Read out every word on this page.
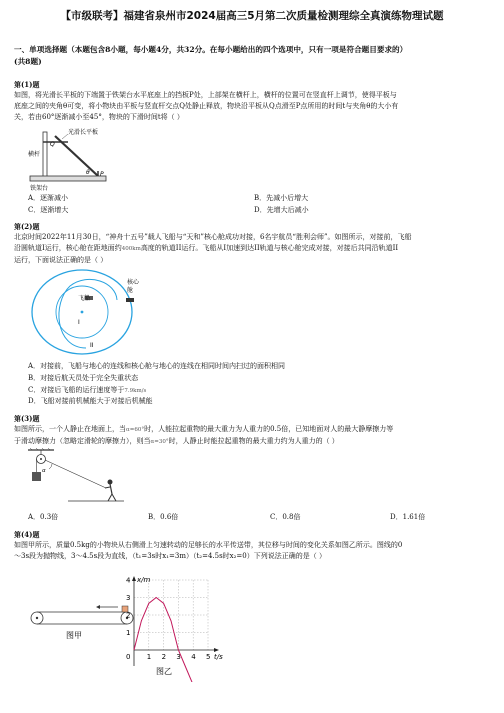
【市级联考】福建省泉州市2024届高三5月第二次质量检测理综全真演练物理试题
一、单项选择题（本题包含8小题，每小题4分，共32分。在每小题给出的四个选项中，只有一项是符合题目要求的）
(共8题)
第(1)题
如图，将光滑长平板的下端置于铁架台水平底座上的挡板P处，上部架在横杆上，横杆的位置可在竖直杆上调节，使得平板与
底座之间的夹角θ可变，将小物块由平板与竖直杆交点Q处静止释放，物块沿平板从Q点滑至P点所用的时间t与夹角θ的大小有
关，若由60°逐渐减小至45°，物块的下滑时间t将（ ）
光滑长平板
横杆
铁架台
Q
P
θ
A．逐渐减小	B．先减小后增大
C．逐渐增大	D．先增大后减小
第(2)题
北京时间2022年11月30日，“神舟十五号”载人飞船与“天和”核心舱成功对接，6名宇航员“胜利会师”。如图所示，对接前，飞船
沿圆轨道I运行，核心舱在距地面约400km高度的轨道II运行。飞船从I加速到达II轨道与核心舱完成对接，对接后共同沿轨道II
运行，下面说法正确的是（ ）
飞船
核心
舱
I
II
A．对接前，飞船与地心的连线和核心舱与地心的连线在相同时间内扫过的面积相同
B．对接后航天员处于完全失重状态
C．对接后飞船的运行速度等于7.9km/s
D．飞船对接前机械能大于对接后机械能
第(3)题
如图所示，一个人静止在地面上，当α=60°时，人能拉起重物的最大重力为人重力的0.5倍，已知地面对人的最大静摩擦力等
于滑动摩擦力（忽略定滑轮的摩擦力），则当α=30°时，人静止时能拉起重物的最大重力约为人重力的（ ）
α
A．0.3倍	B．0.6倍	C．0.8倍	D．1.61倍
第(4)题
如图甲所示，质量0.5kg的小物块从右侧滑上匀速转动的足够长的水平传送带，其位移与时间的变化关系如图乙所示。图线的0
～3s段为抛物线，3～4.5s段为直线，（t₁=3s时x₁=3m）（t₂=4.5s时x₂=0）下列说法正确的是（ ）
图甲
1 2 3 4 5
1
2
3
4
0
x/m
t/s
图乙
